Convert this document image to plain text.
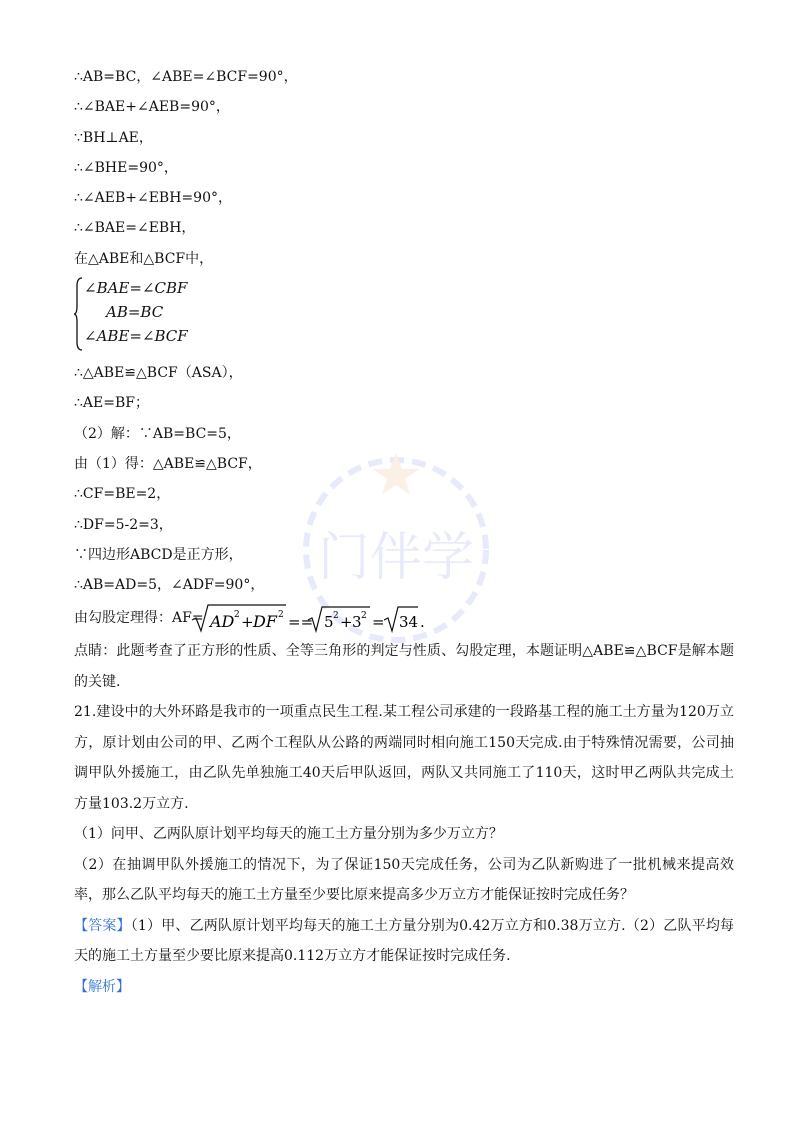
门伴学
∴AB=BC，∠ABE=∠BCF=90°，
∴∠BAE+∠AEB=90°，
∵BH⊥AE，
∴∠BHE=90°，
∴∠AEB+∠EBH=90°，
∴∠BAE=∠EBH，
在△ABE和△BCF中，
∠BAE=∠CBF
AB=BC
∠ABE=∠BCF
∴△ABE≌△BCF（ASA），
∴AE=BF；
（2）解：∵AB=BC=5，
由（1）得：△ABE≌△BCF，
∴CF=BE=2，
∴DF=5-2=3，
∵四边形ABCD是正方形，
∴AB=AD=5，∠ADF=90°，
由勾股定理得：AF= AD 2 + DF 2 == 5 2 + 3 2 = 34 .
点睛：此题考查了正方形的性质、全等三角形的判定与性质、勾股定理，本题证明△ABE≌△BCF是解本题的关键.
21.建设中的大外环路是我市的一项重点民生工程.某工程公司承建的一段路基工程的施工土方量为120万立方，原计划由公司的甲、乙两个工程队从公路的两端同时相向施工150天完成.由于特殊情况需要，公司抽调甲队外援施工，由乙队先单独施工40天后甲队返回，两队又共同施工了110天，这时甲乙两队共完成土方量103.2万立方.
（1）问甲、乙两队原计划平均每天的施工土方量分别为多少万立方？
（2）在抽调甲队外援施工的情况下，为了保证150天完成任务，公司为乙队新购进了一批机械来提高效率，那么乙队平均每天的施工土方量至少要比原来提高多少万立方才能保证按时完成任务？
【答案】（1）甲、乙两队原计划平均每天的施工土方量分别为0.42万立方和0.38万立方.（2）乙队平均每天的施工土方量至少要比原来提高0.112万立方才能保证按时完成任务.
【解析】
